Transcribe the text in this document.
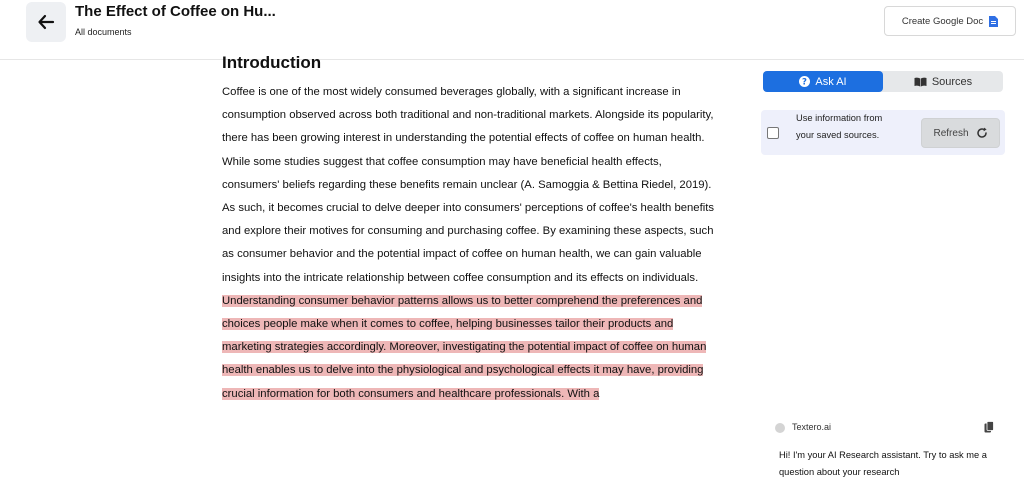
The Effect of Coffee on Hu...
All documents
Create Google Doc
Introduction

Coffee is one of the most widely consumed beverages globally, with a significant increase in consumption observed across both traditional and non-traditional markets. Alongside its popularity, there has been growing interest in understanding the potential effects of coffee on human health. While some studies suggest that coffee consumption may have beneficial health effects, consumers' beliefs regarding these benefits remain unclear (A. Samoggia & Bettina Riedel, 2019). As such, it becomes crucial to delve deeper into consumers' perceptions of coffee's health benefits and explore their motives for consuming and purchasing coffee. By examining these aspects, such as consumer behavior and the potential impact of coffee on human health, we can gain valuable insights into the intricate relationship between coffee consumption and its effects on individuals. Understanding consumer behavior patterns allows us to better comprehend the preferences and choices people make when it comes to coffee, helping businesses tailor their products and marketing strategies accordingly. Moreover, investigating the potential impact of coffee on human health enables us to delve into the physiological and psychological effects it may have, providing crucial information for both consumers and healthcare professionals. With a

? Ask AI	Sources
Use information from your saved sources.	Refresh
Textero.ai
Hi! I'm your AI Research assistant. Try to ask me a question about your research
